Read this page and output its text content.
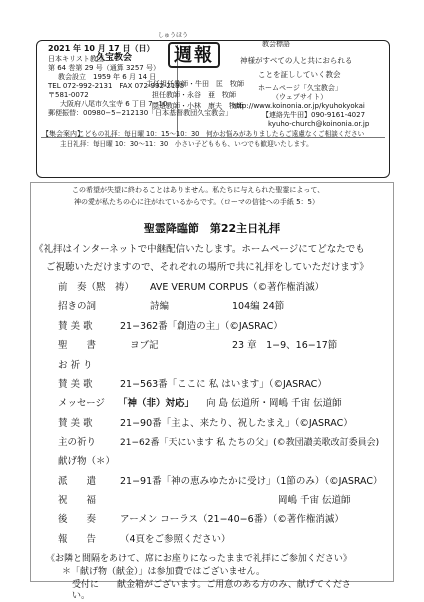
2021 年 10 月 17 日（日）
日本キリスト教団
久宝教会
第 64 巻第 29 号（通算 3257 号）
教会設立　1959 年 6 月 14 日
TEL 072-992-2131　FAX 072-992-2135
〒581-0072
大阪府八尾市久宝寺 6 丁目 7−10
郵便振替：00980−5−212130「日本基督教団久宝教会」
しゅうほう
週報
主任担任教師・牛田　匡　牧師
担任教師・永谷　亜　牧師
隠退教師・小林　康夫　牧師
教会標語
神様がすべての人と共におられる
ことを証ししていく教会
ホームページ「久宝教会」
（ウェブサイト）
http://www.koinonia.or.jp/kyuhokyokai
【連絡先牛田】090-9161-4027
kyuho-church@koinonia.or.jp
【集会案内】
こどもの礼拝：毎日曜 10：15～10：30　何かお悩みがありましたらご遠慮なくご相談ください
主日礼拝：毎日曜 10：30～11：30　小さい子どももも、いつでも歓迎いたします。
この希望が失望に終わることはありません。私たちに与えられた聖霊によって、
神の愛が私たちの心に注がれているからです。（ローマの信徒への手紙 5：5）
聖霊降臨節　第22主日礼拝
《礼拝はインターネットで中継配信いたします。ホームページにてどなたでも
ご視聴いただけますので、それぞれの場所で共に礼拝をしていただけます》
前　奏（黙　祷） AVE VERUM CORPUS（©著作権消滅）
招きの詞	詩編	104編 24節
賛 美 歌	21−362番「創造の主」（©JASRAC）
聖　　書	ヨブ記	23 章　1−9、16−17節
お 祈 り
賛 美 歌	21−563番「ここに 私 はいます」（©JASRAC）
メッセージ 「神（非）対応」 向 島 伝道所・岡嶋 千宙 伝道師
賛 美 歌	21−90番「主よ、来たり、祝したまえ」（©JASRAC）
主の祈り	21−62番「天にいます 私 たちの父」(©教団讃美歌改訂委員会)
献げ物（＊）
派　　遣	21−91番「神の恵みゆたかに受け」（1節のみ）（©JASRAC）
祝　　福	岡嶋 千宙 伝道師
後　　奏	アーメン コーラス（21−40−6番）（©著作権消滅）
報　　告	（4頁をご参照ください）
《お隣と間隔をあけて、席にお座りになったままで礼拝にご参加ください》
＊「献げ物（献金）」は参加費ではございません。
受付に　　献金箱がございます。ご用意のある方のみ、献げてくださ
い。
